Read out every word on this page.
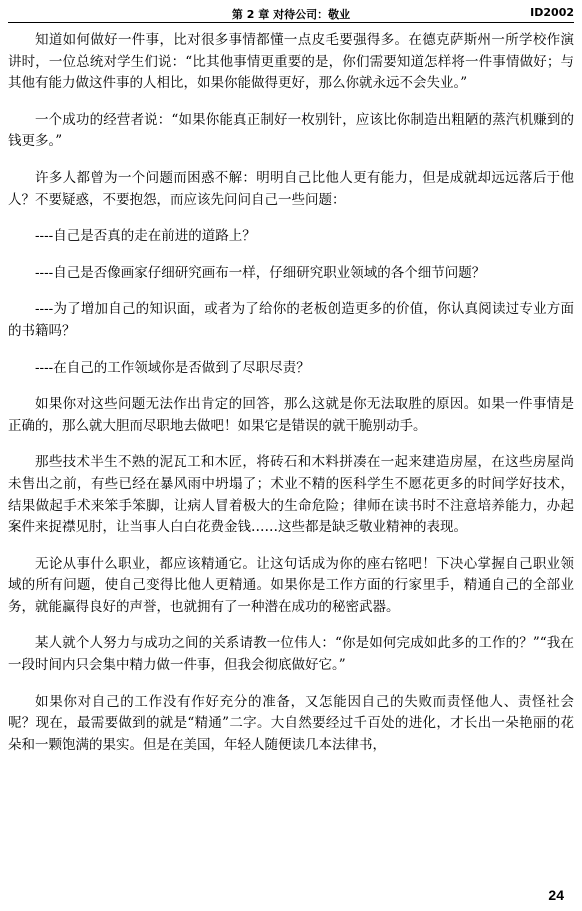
第 2 章 对待公司：敬业	ID2002

知道如何做好一件事，比对很多事情都懂一点皮毛要强得多。在德克萨斯州一所学校作演讲时，一位总统对学生们说：“比其他事情更重要的是，你们需要知道怎样将一件事情做好；与其他有能力做这件事的人相比，如果你能做得更好，那么你就永远不会失业。”

一个成功的经营者说：“如果你能真正制好一枚别针，应该比你制造出粗陋的蒸汽机赚到的钱更多。”

许多人都曾为一个问题而困惑不解：明明自己比他人更有能力，但是成就却远远落后于他人？不要疑惑，不要抱怨，而应该先问问自己一些问题：

----自己是否真的走在前进的道路上？

----自己是否像画家仔细研究画布一样，仔细研究职业领域的各个细节问题？

----为了增加自己的知识面，或者为了给你的老板创造更多的价值，你认真阅读过专业方面的书籍吗？

----在自己的工作领域你是否做到了尽职尽责？

如果你对这些问题无法作出肯定的回答，那么这就是你无法取胜的原因。如果一件事情是正确的，那么就大胆而尽职地去做吧！如果它是错误的就干脆别动手。

那些技术半生不熟的泥瓦工和木匠，将砖石和木料拼凑在一起来建造房屋，在这些房屋尚未售出之前，有些已经在暴风雨中坍塌了；术业不精的医科学生不愿花更多的时间学好技术，结果做起手术来笨手笨脚，让病人冒着极大的生命危险；律师在读书时不注意培养能力，办起案件来捉襟见肘，让当事人白白花费金钱……这些都是缺乏敬业精神的表现。

无论从事什么职业，都应该精通它。让这句话成为你的座右铭吧！下决心掌握自己职业领域的所有问题，使自己变得比他人更精通。如果你是工作方面的行家里手，精通自己的全部业务，就能赢得良好的声誉，也就拥有了一种潜在成功的秘密武器。

某人就个人努力与成功之间的关系请教一位伟人：“你是如何完成如此多的工作的？”“我在一段时间内只会集中精力做一件事，但我会彻底做好它。”

如果你对自己的工作没有作好充分的准备，又怎能因自己的失败而责怪他人、责怪社会呢？现在，最需要做到的就是“精通”二字。大自然要经过千百处的进化，才长出一朵艳丽的花朵和一颗饱满的果实。但是在美国，年轻人随便读几本法律书，

24
